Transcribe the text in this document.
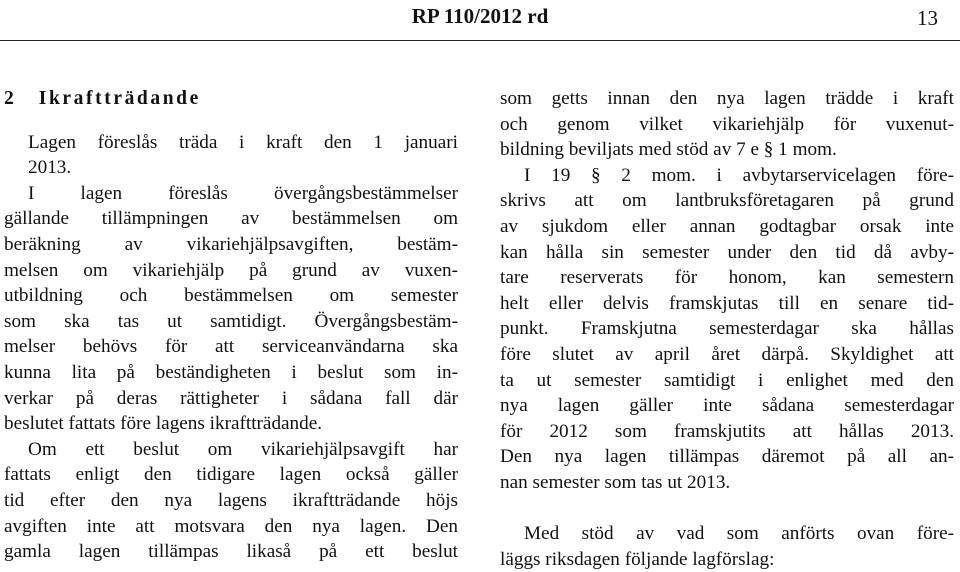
RP 110/2012 rd	13
2 Ikraftträdande
Lagen föreslås träda i kraft den 1 januari
2013.
I lagen föreslås övergångsbestämmelser
gällande tillämpningen av bestämmelsen om
beräkning av vikariehjälpsavgiften, bestäm-
melsen om vikariehjälp på grund av vuxen-
utbildning och bestämmelsen om semester
som ska tas ut samtidigt. Övergångsbestäm-
melser behövs för att serviceanvändarna ska
kunna lita på beständigheten i beslut som in-
verkar på deras rättigheter i sådana fall där
beslutet fattats före lagens ikraftträdande.
Om ett beslut om vikariehjälpsavgift har
fattats enligt den tidigare lagen också gäller
tid efter den nya lagens ikraftträdande höjs
avgiften inte att motsvara den nya lagen. Den
gamla lagen tillämpas likaså på ett beslut
som getts innan den nya lagen trädde i kraft
och genom vilket vikariehjälp för vuxenut-
bildning beviljats med stöd av 7 e § 1 mom.
I 19 § 2 mom. i avbytarservicelagen före-
skrivs att om lantbruksföretagaren på grund
av sjukdom eller annan godtagbar orsak inte
kan hålla sin semester under den tid då avby-
tare reserverats för honom, kan semestern
helt eller delvis framskjutas till en senare tid-
punkt. Framskjutna semesterdagar ska hållas
före slutet av april året därpå. Skyldighet att
ta ut semester samtidigt i enlighet med den
nya lagen gäller inte sådana semesterdagar
för 2012 som framskjutits att hållas 2013.
Den nya lagen tillämpas däremot på all an-
nan semester som tas ut 2013.
Med stöd av vad som anförts ovan före-
läggs riksdagen följande lagförslag:
